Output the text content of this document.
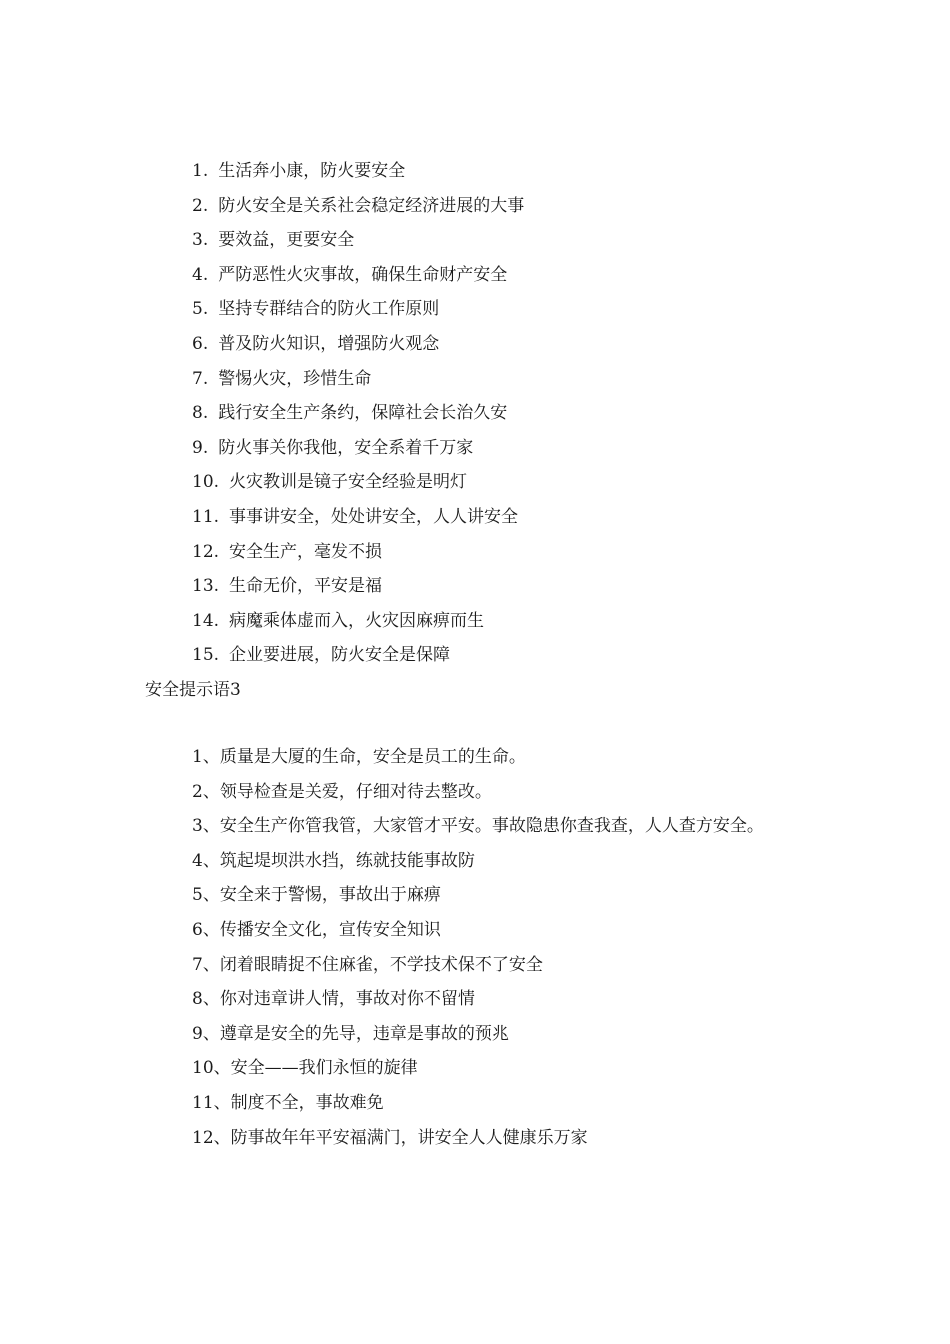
1. 生活奔小康，防火要安全
2. 防火安全是关系社会稳定经济进展的大事
3. 要效益，更要安全
4. 严防恶性火灾事故，确保生命财产安全
5. 坚持专群结合的防火工作原则
6. 普及防火知识，增强防火观念
7. 警惕火灾，珍惜生命
8. 践行安全生产条约，保障社会长治久安
9. 防火事关你我他，安全系着千万家
10. 火灾教训是镜子安全经验是明灯
11. 事事讲安全，处处讲安全，人人讲安全
12. 安全生产，毫发不损
13. 生命无价，平安是福
14. 病魔乘体虚而入，火灾因麻痹而生
15. 企业要进展，防火安全是保障
安全提示语3
1、质量是大厦的生命，安全是员工的生命。
2、领导检查是关爱，仔细对待去整改。
3、安全生产你管我管，大家管才平安。事故隐患你查我查，人人查方安全。
4、筑起堤坝洪水挡，练就技能事故防
5、安全来于警惕，事故出于麻痹
6、传播安全文化，宣传安全知识
7、闭着眼睛捉不住麻雀，不学技术保不了安全
8、你对违章讲人情，事故对你不留情
9、遵章是安全的先导，违章是事故的预兆
10、安全——我们永恒的旋律
11、制度不全，事故难免
12、防事故年年平安福满门，讲安全人人健康乐万家
